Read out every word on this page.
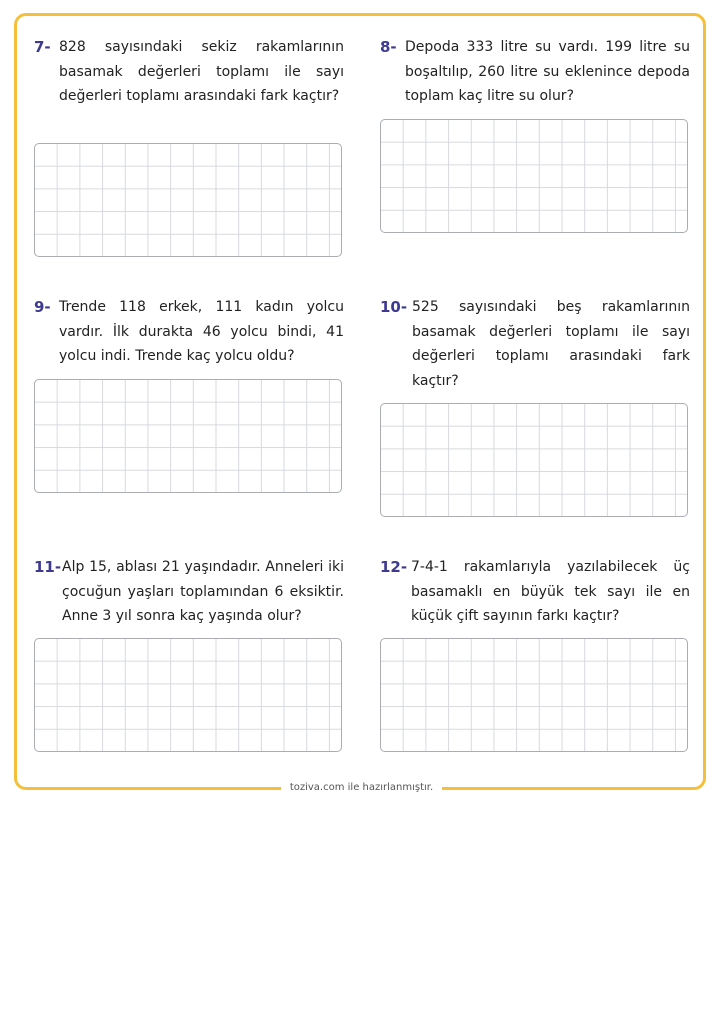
7- 828 sayısındaki sekiz rakamlarının basamak değerleri toplamı ile sayı değerleri toplamı arasındaki fark kaçtır?

8- Depoda 333 litre su vardı. 199 litre su boşaltılıp, 260 litre su eklenince depoda toplam kaç litre su olur?

9- Trende 118 erkek, 111 kadın yolcu vardır. İlk durakta 46 yolcu bindi, 41 yolcu indi. Trende kaç yolcu oldu?

10- 525 sayısındaki beş rakamlarının basamak değerleri toplamı ile sayı değerleri toplamı arasındaki fark kaçtır?

11- Alp 15, ablası 21 yaşındadır. Anneleri iki çocuğun yaşları toplamından 6 eksiktir. Anne 3 yıl sonra kaç yaşında olur?

12- 7-4-1 rakamlarıyla yazılabilecek üç basamaklı en büyük tek sayı ile en küçük çift sayının farkı kaçtır?

toziva.com ile hazırlanmıştır.
